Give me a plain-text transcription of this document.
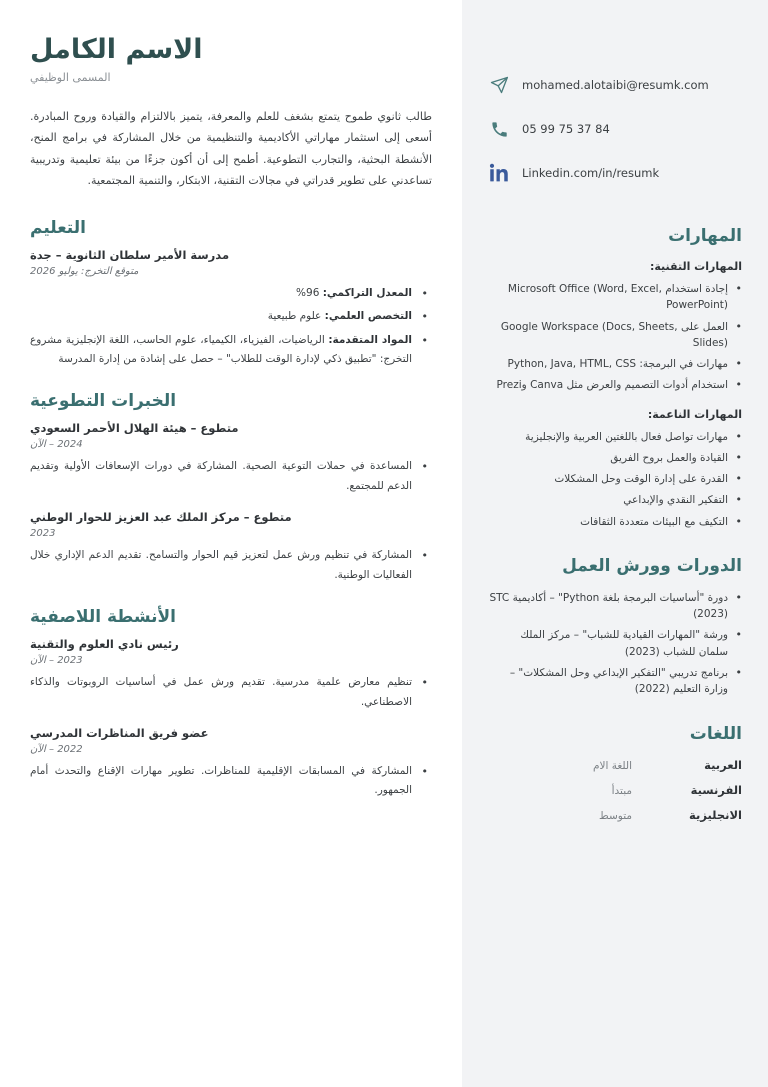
mohamed.alotaibi@resumk.com
05 99 75 37 84
Linkedin.com/in/resumk
المهارات
المهارات التقنية:
• إجادة استخدام Microsoft Office (Word, Excel, PowerPoint)
• العمل على Google Workspace (Docs, Sheets, Slides)
• مهارات في البرمجة: Python, Java, HTML, CSS
• استخدام أدوات التصميم والعرض مثل Canva وPrezi
المهارات الناعمة:
• مهارات تواصل فعال باللغتين العربية والإنجليزية
• القيادة والعمل بروح الفريق
• القدرة على إدارة الوقت وحل المشكلات
• التفكير النقدي والإبداعي
• التكيف مع البيئات متعددة الثقافات
الدورات وورش العمل
• دورة "أساسيات البرمجة بلغة Python" – أكاديمية STC (2023)
• ورشة "المهارات القيادية للشباب" – مركز الملك سلمان للشباب (2023)
• برنامج تدريبي "التفكير الإبداعي وحل المشكلات" – وزارة التعليم (2022)
اللغات
العربية
اللغة الام
الفرنسية
مبتدأ
الانجليزية
متوسط
الاسم الكامل
المسمى الوظيفي

طالب ثانوي طموح يتمتع بشغف للعلم والمعرفة، يتميز بالالتزام والقيادة وروح المبادرة. أسعى إلى استثمار مهاراتي الأكاديمية والتنظيمية من خلال المشاركة في برامج المنح، الأنشطة البحثية، والتجارب التطوعية. أطمح إلى أن أكون جزءًا من بيئة تعليمية وتدريبية تساعدني على تطوير قدراتي في مجالات التقنية، الابتكار، والتنمية المجتمعية.

التعليم
مدرسة الأمير سلطان الثانوية – جدة
متوقع التخرج: يوليو 2026
• المعدل التراكمي: 96%
• التخصص العلمي: علوم طبيعية
• المواد المتقدمة: الرياضيات، الفيزياء، الكيمياء، علوم الحاسب، اللغة الإنجليزية مشروع التخرج: "تطبيق ذكي لإدارة الوقت للطلاب" – حصل على إشادة من إدارة المدرسة
الخبرات التطوعية
متطوع – هيئة الهلال الأحمر السعودي
2024 – الآن
• المساعدة في حملات التوعية الصحية. المشاركة في دورات الإسعافات الأولية وتقديم الدعم للمجتمع.
متطوع – مركز الملك عبد العزيز للحوار الوطني
2023
• المشاركة في تنظيم ورش عمل لتعزيز قيم الحوار والتسامح. تقديم الدعم الإداري خلال الفعاليات الوطنية.
الأنشطة اللاصفية
رئيس نادي العلوم والتقنية
2023 – الآن
• تنظيم معارض علمية مدرسية. تقديم ورش عمل في أساسيات الروبوتات والذكاء الاصطناعي.
عضو فريق المناظرات المدرسي
2022 – الآن
• المشاركة في المسابقات الإقليمية للمناظرات. تطوير مهارات الإقناع والتحدث أمام الجمهور.
